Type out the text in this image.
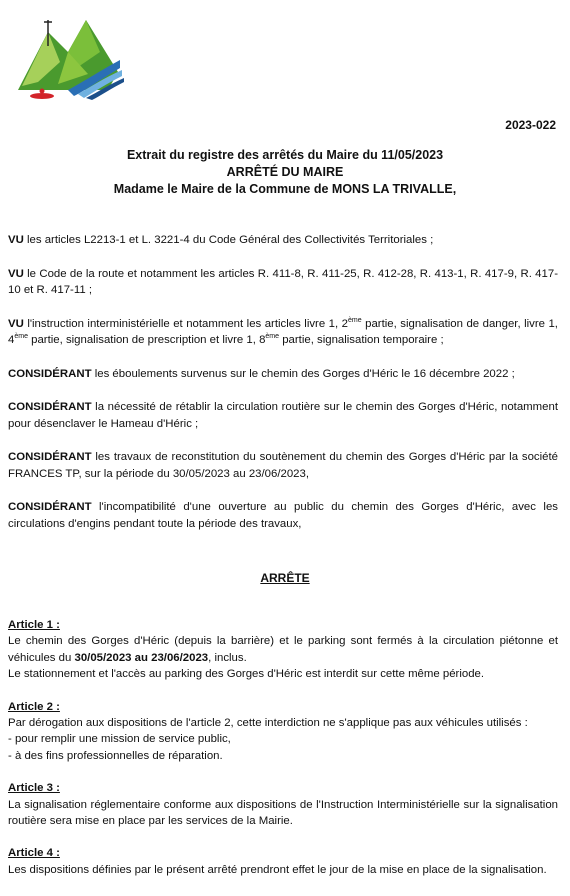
2023-022
Extrait du registre des arrêtés du Maire du 11/05/2023
ARRÊTÉ DU MAIRE
Madame le Maire de la Commune de MONS LA TRIVALLE,

VU les articles L2213-1 et L. 3221-4 du Code Général des Collectivités Territoriales ;

VU le Code de la route et notamment les articles R. 411-8, R. 411-25, R. 412-28, R. 413-1, R. 417-9, R. 417-10 et R. 417-11 ;

VU l'instruction interministérielle et notamment les articles livre 1, 2ème partie, signalisation de danger, livre 1, 4ème partie, signalisation de prescription et livre 1, 8ème partie, signalisation temporaire ;

CONSIDÉRANT les éboulements survenus sur le chemin des Gorges d'Héric le 16 décembre 2022 ;

CONSIDÉRANT la nécessité de rétablir la circulation routière sur le chemin des Gorges d'Héric, notamment pour désenclaver le Hameau d'Héric ;

CONSIDÉRANT les travaux de reconstitution du soutènement du chemin des Gorges d'Héric par la société FRANCES TP, sur la période du 30/05/2023 au 23/06/2023,

CONSIDÉRANT l'incompatibilité d'une ouverture au public du chemin des Gorges d'Héric, avec les circulations d'engins pendant toute la période des travaux,

ARRÊTE
Article 1 :

Le chemin des Gorges d'Héric (depuis la barrière) et le parking sont fermés à la circulation piétonne et véhicules du 30/05/2023 au 23/06/2023, inclus.

Le stationnement et l'accès au parking des Gorges d'Héric est interdit sur cette même période.

Article 2 :

Par dérogation aux dispositions de l'article 2, cette interdiction ne s'applique pas aux véhicules utilisés :

- pour remplir une mission de service public,

- à des fins professionnelles de réparation.

Article 3 :

La signalisation réglementaire conforme aux dispositions de l'Instruction Interministérielle sur la signalisation routière sera mise en place par les services de la Mairie.

Article 4 :

Les dispositions définies par le présent arrêté prendront effet le jour de la mise en place de la signalisation.
